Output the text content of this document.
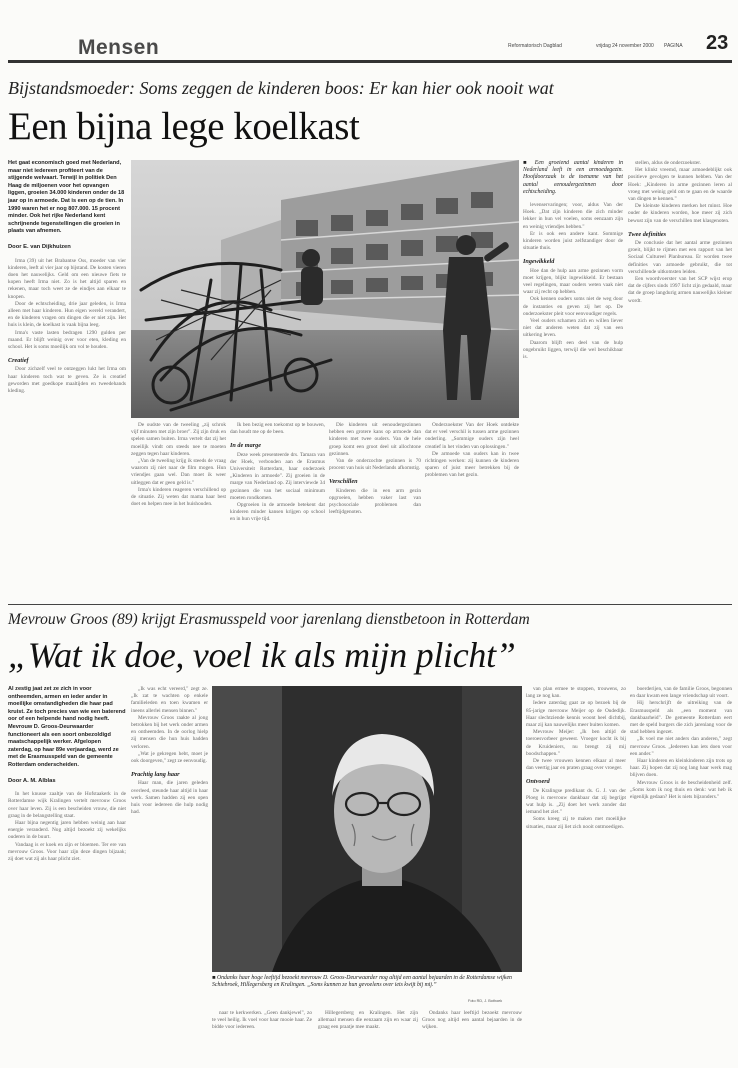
Mensen	Reformatorisch Dagblad	vrijdag 24 november 2000 PAGINA 23
Bijstandsmoeder: Soms zeggen de kinderen boos: Er kan hier ook nooit wat
Een bijna lege koelkast
Het gaat economisch goed met Nederland, maar niet iedereen profiteert van de stijgende welvaart. Terwijl in politiek Den Haag de miljoenen voor het opvangen liggen, groeien 34.000 kinderen onder de 18 jaar op in armoede. Dat is een op de tien. In 1990 waren het er nog 807.000. 15 procent minder. Ook het rijke Nederland kent schrijnende tegenstellingen die groeien in plaats van afnemen.
Door E. van Dijkhuizen

Irma (39) uit het Brabantse Oss, moeder van vier kinderen, leeft al vier jaar op bijstand. De kosten vieren doen het nauwelijks. Geld om een nieuwe fiets te kopen heeft Irma niet. Zo is het altijd sparen en rekenen, maar toch weet ze de eindjes aan elkaar te knopen.

Door de echtscheiding, drie jaar geleden, is Irma alleen met haar kinderen. Hun eigen wereld verandert, en de kinderen vragen om dingen die er niet zijn. Het huis is klein, de koelkast is vaak bijna leeg.

Irma's vaste lasten bedragen 1290 gulden per maand. Er blijft weinig over voor eten, kleding en school. Het is soms moeilijk om vol te houden.

Creatief

Door zichzelf veel te ontzeggen lukt het Irma om haar kinderen toch wat te geven. Ze is creatief geworden met goedkope maaltijden en tweedehands kleding.

De oudste van de tweeling „zij schrok vijf minuten met zijn broer". Zij zijn druk en spelen samen buiten. Irma vertelt dat zij het moeilijk vindt om steeds nee te moeten zeggen tegen haar kinderen.

„Van de tweeling krijg ik steeds de vraag waarom zij niet naar de film mogen. Hun vriendjes gaan wel. Dan moet ik weer uitleggen dat er geen geld is."

Irma's kinderen reageren verschillend op de situatie. Zij weten dat mama haar best doet en helpen mee in het huishouden.

Ik ben bezig een toekomst op te bouwen, dan houdt me op de been.

In de marge

Deze week presenteerde drs. Tamara van der Hoek, verbonden aan de Erasmus Universiteit Rotterdam, haar onderzoek „Kinderen in armoede". Zij groeien in de marge van Nederland op. Zij interviewde 34 gezinnen die van het sociaal minimum moeten rondkomen.

Opgroeien in de armoede betekent dat kinderen minder kansen krijgen op school en in hun vrije tijd.

Die kinderen uit eenoudergezinnen hebben een grotere kans op armoede dan kinderen met twee ouders. Van de hele groep komt een groot deel uit allochtone gezinnen.

Van de onderzochte gezinnen is 70 procent van huis uit Nederlands afkomstig.

Verschillen

Kinderen die in een arm gezin opgroeien, hebben vaker last van psychosociale problemen dan leeftijdgenoten.

Onderzoekster Van der Hoek ontdekte dat er veel verschil is tussen arme gezinnen onderling. „Sommige ouders zijn heel creatief in het vinden van oplossingen."

De armoede van ouders kan in twee richtingen werken: zij kunnen de kinderen sparen of juist meer betrekken bij de problemen van het gezin.

■ Een groeiend aantal kinderen in Nederland leeft in een armoedegezin. Hoofdoorzaak is de toename van het aantal eenoudergezinnen door echtscheiding.

levenservaringen; voor, aldus Van der Hoek. „Dat zijn kinderen die zich minder lekker in hun vel voelen, soms eenzaam zijn en weinig vriendjes hebben."

Er is ook een andere kant. Sommige kinderen worden juist zelfstandiger door de situatie thuis.

Ingewikkeld

Hoe dan de hulp aan arme gezinnen vorm moet krijgen, blijkt ingewikkeld. Er bestaan veel regelingen, maar ouders weten vaak niet waar zij recht op hebben.

Ook kennen ouders soms niet de weg door de instanties en geven zij het op. De onderzoekster pleit voor eenvoudiger regels.

Veel ouders schamen zich en willen liever niet dat anderen weten dat zij van een uitkering leven.

Daarom blijft een deel van de hulp ongebruikt liggen, terwijl die wel beschikbaar is.

stellen, aldus de onderzoekster.

Het klinkt vreemd, maar armoedeblijkt ook positieve gevolgen te kunnen hebben. Van der Hoek: „Kinderen in arme gezinnen leren al vroeg met weinig geld om te gaan en de waarde van dingen te kennen."

De kleinste kinderen merken het minst. Hoe ouder de kinderen worden, hoe meer zij zich bewust zijn van de verschillen met klasgenoten.

Twee definities

De conclusie dat het aantal arme gezinnen groeit, blijkt te rijmen met een rapport van het Sociaal Cultureel Planbureau. Er worden twee definities van armoede gebruikt, die tot verschillende uitkomsten leiden.

Een woordvoerster van het SCP wijst erop dat de cijfers sinds 1997 licht zijn gedaald, maar dat de groep langdurig armen nauwelijks kleiner wordt.

Mevrouw Groos (89) krijgt Erasmusspeld voor jarenlang dienstbetoon in Rotterdam
„Wat ik doe, voel ik als mijn plicht”
Al zestig jaat zet ze zich in voor ontheemden, armen en ieder ander in moeilijke omstandigheden die haar pad kruist. Ze toch precies van wie een baterend oor of een helpende hand nodig heeft. Mevrouw D. Groos-Deurwaarder functioneert als een soort onbezoldigd maatschappelijk werker. Afgelopen zaterdag, op haar 89e verjaardag, werd ze met de Erasmusspeld van de gemeente Rotterdam onderscheiden.
Door A. M. Alblas

In het knusse zaaltje van de Hofstaakerk in de Rotterdamse wijk Kralingen vertelt mevrouw Groos over haar leven. Zij is een bescheiden vrouw, die niet graag in de belangstelling staat.

Haar bijna negentig jaren hebben weinig aan haar energie veranderd. Nog altijd bezoekt zij wekelijks ouderen in de buurt.

Vandaag is er koek en zijn er bloemen. Ter ere van mevrouw Groos. Voor haar zijn deze dingen bijzaak; zij doet wat zij als haar plicht ziet.

„Ik was echt vereerd," zegt ze. „Ik zat te wachten op enkele familieleden en toen kwamen er ineens allerlei mensen binnen."

Mevrouw Groos raakte al jong betrokken bij het werk onder armen en ontheemden. In de oorlog hielp zij mensen die hun huis hadden verloren.

„Wat je gekregen hebt, moet je ook doorgeven," zegt ze eenvoudig.

Prachtig lang haar

Haar man, die jaren geleden overleed, steunde haar altijd in haar werk. Samen hadden zij een open huis voor iedereen die hulp nodig had.

■ Ondanks haar hoge leeftijd bezoekt mevrouw D. Groos-Deurwaarder nog altijd een aantal bejaarden in de Rotterdamse wijken Schiebroek, Hillegersberg en Kralingen. „Soms kunnen ze hun gevoelens over iets kwijt bij mij.”
Foto RD, J. Bothoek

naar te kerkwerken. „Geen dankjewel", zo te veel heilig. Ik voel voor haar mooie haar. Ze bidde voor iedereen.

Hillegersberg en Kralingen. Het zijn allemaal mensen die eenzaam zijn en waar zij graag een praatje mee maakt.

Ondanks haar leeftijd bezoekt mevrouw Groos nog altijd een aantal bejaarden in de wijken.

van plan ermee te stoppen, trouwens, zo lang ze nog kan.

Iedere zaterdag gaat ze op bezoek bij de 85-jarige mevrouw Meijer op de Oudedijk. Haar slechtziende kennis woont heel dichtbij, maar zij kan nauwelijks meer buiten komen.

Mevrouw Meijer: „Ik ben altijd de toeroesvorbeer geweest. Vroeger kocht ik bij de Kruideniers, nu brengt zij mij boodschappen."

De twee vrouwen kennen elkaar al meer dan veertig jaar en praten graag over vroeger.

Ontvoerd

De Kralingse predikant ds. G. J. van der Ploeg is mevrouw dankbaar dat zij begrijpt wat hulp is. „Zij doet het werk zonder dat iemand het ziet."

Soms kreeg zij te maken met moeilijke situaties, maar zij liet zich nooit ontmoedigen.

boerderijen, van de familie Groos, begonnen en daar kwam een lange vriendschap uit voort.

Hij herschrijft de uitreiking van de Erasmusspeld als „een moment van dankbaarheid". De gemeente Rotterdam eert met de speld burgers die zich jarenlang voor de stad hebben ingezet.

„Ik voel me niet anders dan anderen," zegt mevrouw Groos. „Iedereen kan iets doen voor een ander."

Haar kinderen en kleinkinderen zijn trots op haar. Zij hopen dat zij nog lang haar werk mag blijven doen.

Mevrouw Groos is de bescheidenheid zelf. „Soms kom ik nog thuis en denk: wat heb ik eigenlijk gedaan? Het is niets bijzonders."
